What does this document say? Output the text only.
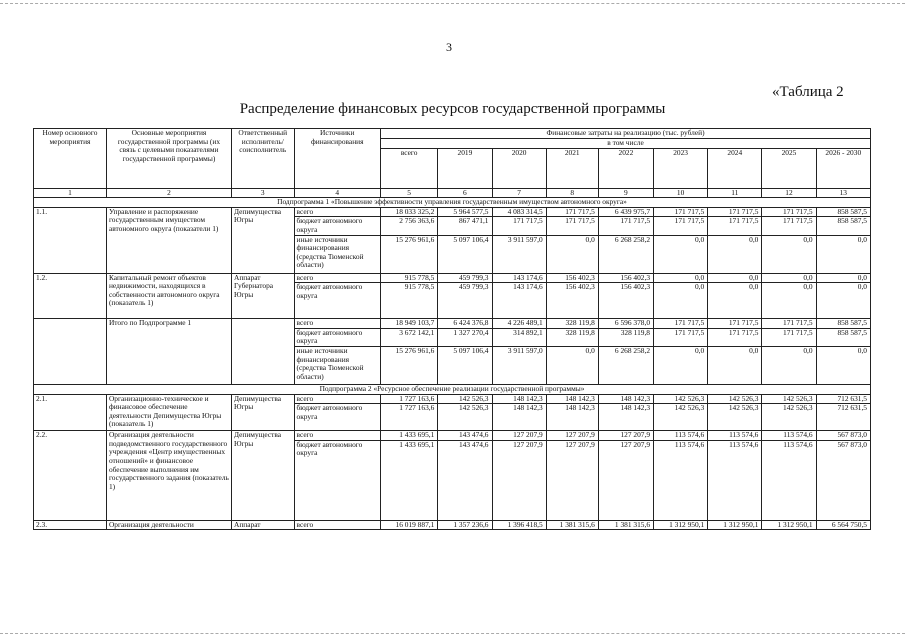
3
«Таблица 2
Распределение финансовых ресурсов государственной программы
Номер основного мероприятия	Основные мероприятия государственной программы (их связь с целевыми показателями государственной программы)	Ответственный исполнитель/ соисполнитель	Источники финансирования	Финансовые затраты на реализацию (тыс. рублей)								
				в том числе								
				всего	2019	2020	2021	2022	2023	2024	2025	2026 - 2030
1	2	3	4	5	6	7	8	9	10	11	12	13
Подпрограмма 1 «Повышение эффективности управления государственным имуществом автономного округа»												
1.1.	Управление и распоряжение государственным имуществом автономного округа (показатели 1)	Депимущества Югры	всего	18 033 325,2	5 964 577,5	4 083 314,5	171 717,5	6 439 975,7	171 717,5	171 717,5	171 717,5	858 587,5
			бюджет автономного округа	2 756 363,6	867 471,1	171 717,5	171 717,5	171 717,5	171 717,5	171 717,5	171 717,5	858 587,5
			иные источники финансирования (средства Тюменской области)	15 276 961,6	5 097 106,4	3 911 597,0	0,0	6 268 258,2	0,0	0,0	0,0	0,0
1.2.	Капитальный ремонт объектов недвижимости, находящихся в собственности автономного округа (показатель 1)	Аппарат Губернатора Югры	всего	915 778,5	459 799,3	143 174,6	156 402,3	156 402,3	0,0	0,0	0,0	0,0
			бюджет автономного округа	915 778,5	459 799,3	143 174,6	156 402,3	156 402,3	0,0	0,0	0,0	0,0
	Итого по Подпрограмме 1		всего	18 949 103,7	6 424 376,8	4 226 489,1	328 119,8	6 596 378,0	171 717,5	171 717,5	171 717,5	858 587,5
			бюджет автономного округа	3 672 142,1	1 327 270,4	314 892,1	328 119,8	328 119,8	171 717,5	171 717,5	171 717,5	858 587,5
			иные источники финансирования (средства Тюменской области)	15 276 961,6	5 097 106,4	3 911 597,0	0,0	6 268 258,2	0,0	0,0	0,0	0,0
Подпрограмма 2 «Ресурсное обеспечение реализации государственной программы»												
2.1.	Организационно-техническое и финансовое обеспечение деятельности Депимущества Югры (показатель 1)	Депимущества Югры	всего	1 727 163,6	142 526,3	148 142,3	148 142,3	148 142,3	142 526,3	142 526,3	142 526,3	712 631,5
			бюджет автономного округа	1 727 163,6	142 526,3	148 142,3	148 142,3	148 142,3	142 526,3	142 526,3	142 526,3	712 631,5
2.2.	Организация деятельности подведомственного государственного учреждения «Центр имущественных отношений» и финансовое обеспечение выполнения им государственного задания (показатель 1)	Депимущества Югры	всего	1 433 695,1	143 474,6	127 207,9	127 207,9	127 207,9	113 574,6	113 574,6	113 574,6	567 873,0
			бюджет автономного округа	1 433 695,1	143 474,6	127 207,9	127 207,9	127 207,9	113 574,6	113 574,6	113 574,6	567 873,0
2.3.	Организация деятельности	Аппарат	всего	16 019 887,1	1 357 236,6	1 396 418,5	1 381 315,6	1 381 315,6	1 312 950,1	1 312 950,1	1 312 950,1	6 564 750,5
